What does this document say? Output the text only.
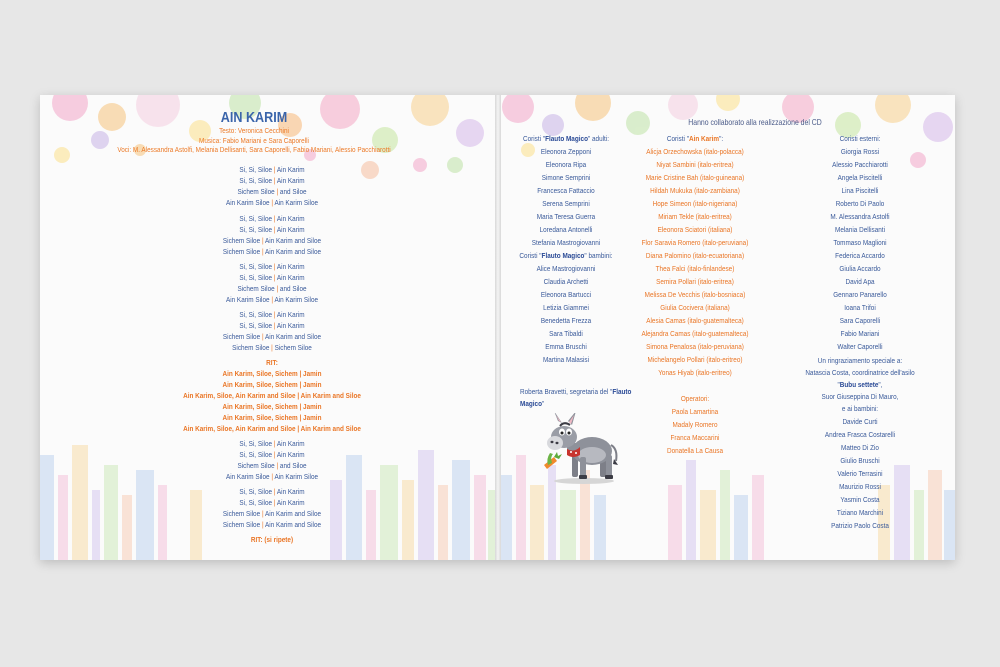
AIN KARIM

Testo: Veronica Cecchini

Musica: Fabio Mariani e Sara Caporelli

Voci: M. Alessandra Astolfi, Melania Dellisanti, Sara Caporelli, Fabio Mariani, Alessio Pacchiarotti

Si, Si, Siloe | Ain Karim

Si, Si, Siloe | Ain Karim

Sichem Siloe | and Siloe

Ain Karim Siloe | Ain Karim Siloe

Si, Si, Siloe | Ain Karim

Si, Si, Siloe | Ain Karim

Sichem Siloe | Ain Karim and Siloe

Sichem Siloe | Ain Karim and Siloe

Si, Si, Siloe | Ain Karim

Si, Si, Siloe | Ain Karim

Sichem Siloe | and Siloe

Ain Karim Siloe | Ain Karim Siloe

Si, Si, Siloe | Ain Karim

Si, Si, Siloe | Ain Karim

Sichem Siloe | Ain Karim and Siloe

Sichem Siloe | Sichem Siloe

RIT:

Ain Karim, Siloe, Sichem | Jamin

Ain Karim, Siloe, Sichem | Jamin

Ain Karim, Siloe, Ain Karim and Siloe | Ain Karim and Siloe

Ain Karim, Siloe, Sichem | Jamin

Ain Karim, Siloe, Sichem | Jamin

Ain Karim, Siloe, Ain Karim and Siloe | Ain Karim and Siloe

Si, Si, Siloe | Ain Karim

Si, Si, Siloe | Ain Karim

Sichem Siloe | and Siloe

Ain Karim Siloe | Ain Karim Siloe

Si, Si, Siloe | Ain Karim

Si, Si, Siloe | Ain Karim

Sichem Siloe | Ain Karim and Siloe

Sichem Siloe | Ain Karim and Siloe

RIT: (si ripete)

Hanno collaborato alla realizzazione del CD

Coristi "Flauto Magico" adulti:

Eleonora Zepponi

Eleonora Ripa

Simone Semprini

Francesca Fattaccio

Serena Semprini

Maria Teresa Guerra

Loredana Antonelli

Stefania Mastrogiovanni

Coristi "Flauto Magico" bambini:

Alice Mastrogiovanni

Claudia Archetti

Eleonora Bartucci

Letizia Giammei

Benedetta Frezza

Sara Tibaldi

Emma Bruschi

Martina Malasisi

Roberta Bravetti, segretaria del "Flauto

Magico"

Coristi "Ain Karim":

Alicja Orzechowska (italo-polacca)

Niyat Sambini (italo-eritrea)

Marie Cristine Bah (italo-guineana)

Hildah Mukuka (italo-zambiana)

Hope Simeon (italo-nigeriana)

Miriam Tekle (italo-eritrea)

Eleonora Sciatori (italiana)

Flor Saravia Romero (italo-peruviana)

Diana Palomino (italo-ecuatoriana)

Thea Falci (italo-finlandese)

Semira Pollari (italo-eritrea)

Melissa De Vecchis (italo-bosniaca)

Giulia Cocivera (italiana)

Alesia Camas (italo-guatemalteca)

Alejandra Camas (italo-guatemalteca)

Simona Penalosa (italo-peruviana)

Michelangelo Pollari (italo-eritreo)

Yonas Hiyab (italo-eritreo)

Operatori:

Paola Lamartina

Madaly Romero

Franca Maccarini

Donatella La Causa

Coristi esterni:

Giorgia Rossi

Alessio Pacchiarotti

Angela Piscitelli

Lina Piscitelli

Roberto Di Paolo

M. Alessandra Astolfi

Melania Dellisanti

Tommaso Maglioni

Federica Accardo

Giulia Accardo

David Apa

Gennaro Panarello

Ioana Trifoi

Sara Caporelli

Fabio Mariani

Walter Caporelli

Un ringraziamento speciale a:

Natascia Costa, coordinatrice dell'asilo

"Bubu settete",

Suor Giuseppina Di Mauro,

e ai bambini:

Davide Curti

Andrea Frasca Costarelli

Matteo Di Zio

Giulio Bruschi

Valerio Terrasini

Maurizio Rossi

Yasmin Costa

Tiziano Marchini

Patrizio Paolo Costa
